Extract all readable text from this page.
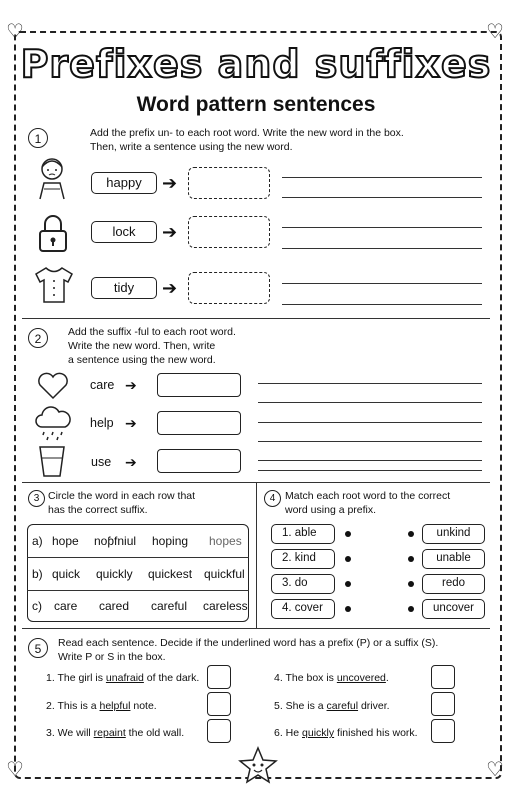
♡	♡
♡	♡
Prefixes and suffixes
Word pattern sentences
1	Add the prefix un- to each root word. Write the new word in the box.
Then, write a sentence using the new word.
happy	➔
lock	➔
tidy	➔
2	Add the suffix -ful to each root word.
Write the new word. Then, write
a sentence using the new word.
care ➔
help ➔
use ➔
3 Circle the word in each row that
has the correct suffix.
a) hope noƥfniul hoping hopes
b) quick quickly quickest quickful
c) care cared careful careless
4 Match each root word to the correct
word using a prefix.
1. able
2. kind
3. do
4. cover
unkind
unable
redo
uncover
5	Read each sentence. Decide if the underlined word has a prefix (P) or a suffix (S).
Write P or S in the box.
1. The girl is unafraid of the dark.
2. This is a helpful note.
3. We will repaint the old wall.
4. The box is uncovered.
5. She is a careful driver.
6. He quickly finished his work.
